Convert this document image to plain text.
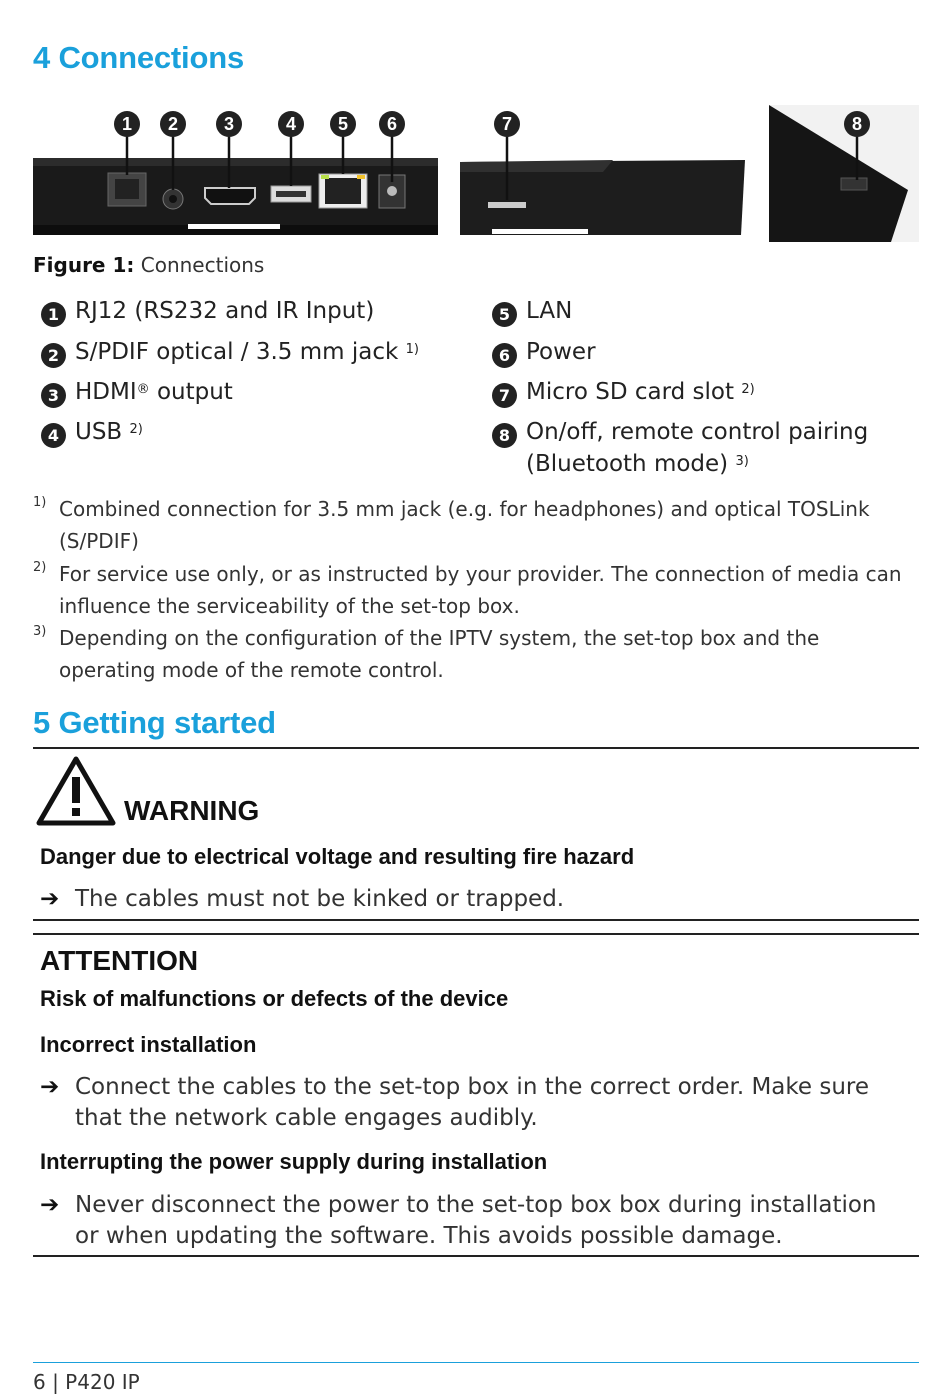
4 Connections
1 2	3	4 5 6	7	8
Figure 1: Connections
1 RJ12 (RS232 and IR Input)
2 S/PDIF optical / 3.5 mm jack $^{1)}$
3 HDMI® output
4 USB $^{2)}$
5 LAN
6 Power
7 Micro SD card slot $^{2)}$
8 On/off, remote control pairing
(Bluetooth mode) $^{3)}$
1) Combined connection for 3.5 mm jack (e.g. for headphones) and optical TOSLink (S/PDIF)
2) For service use only, or as instructed by your provider. The connection of media can influence the serviceability of the set-top box.
3) Depending on the configuration of the IPTV system, the set-top box and the operating mode of the remote control.
5 Getting started
WARNING
Danger due to electrical voltage and resulting fire hazard
➔ The cables must not be kinked or trapped.
ATTENTION
Risk of malfunctions or defects of the device
Incorrect installation
➔ Connect the cables to the set-top box in the correct order. Make sure that the network cable engages audibly.
Interrupting the power supply during installation
➔ Never disconnect the power to the set-top box box during installation or when updating the software. This avoids possible damage.
6 | P420 IP
